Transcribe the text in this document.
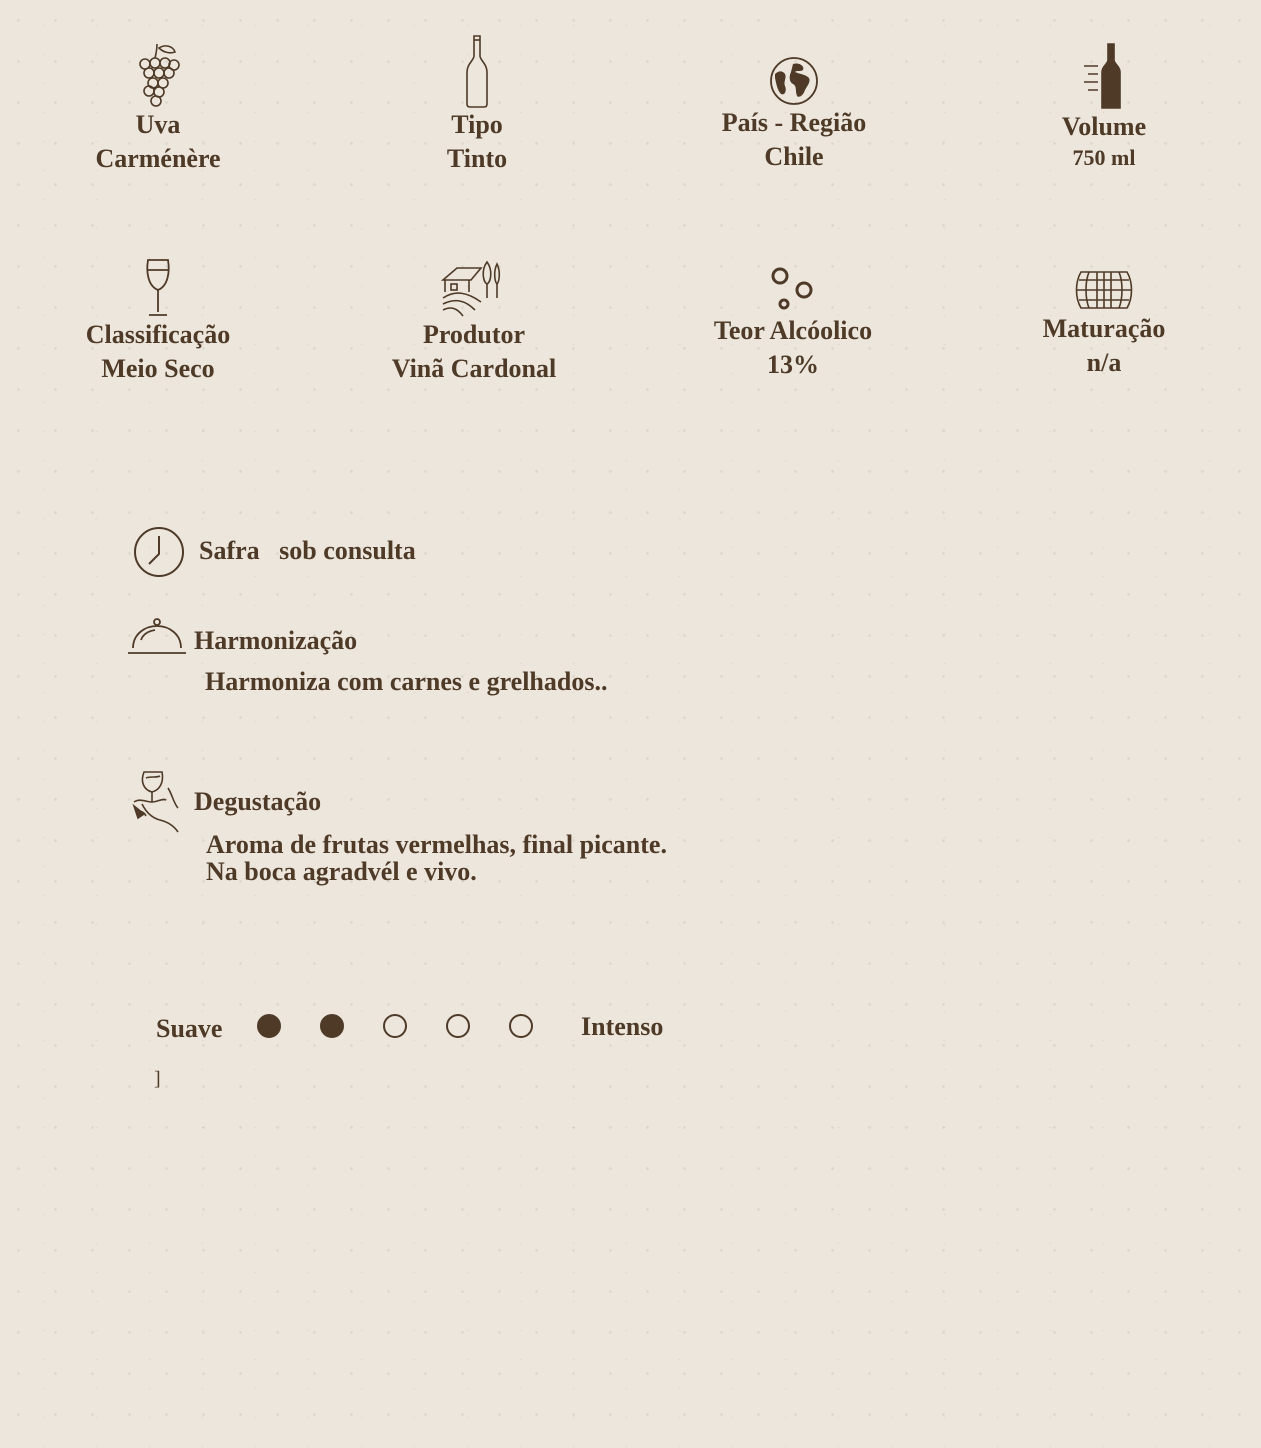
Uva
Carménère
Tipo
Tinto
País - Região
Chile
Volume
750 ml
Classificação
Meio Seco
Produtor
Vinã Cardonal
Teor Alcóolico
13%
Maturação
n/a
Safra sob consulta
Harmonização
Harmoniza com carnes e grelhados..
Degustação
Aroma de frutas vermelhas, final picante.
Na boca agradvél e vivo.
Suave	Intenso
]
